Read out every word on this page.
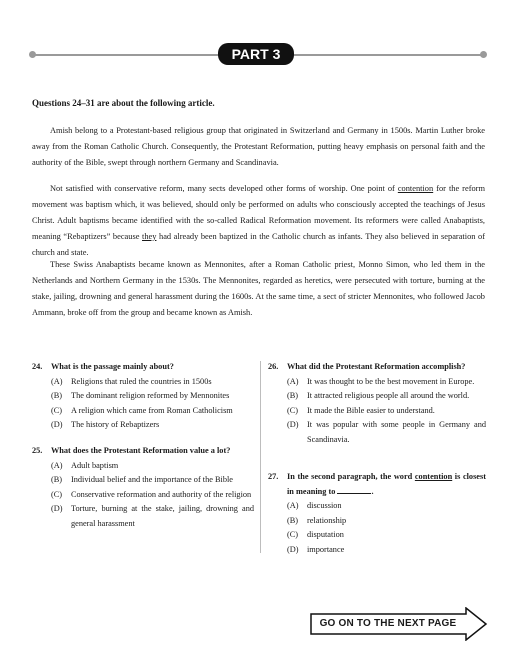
PART 3
Questions 24–31 are about the following article.
Amish belong to a Protestant-based religious group that originated in Switzerland and Germany in 1500s. Martin Luther broke away from the Roman Catholic Church. Consequently, the Protestant Reformation, putting heavy emphasis on personal faith and the authority of the Bible, swept through northern Germany and Scandinavia.
Not satisfied with conservative reform, many sects developed other forms of worship. One point of contention for the reform movement was baptism which, it was believed, should only be performed on adults who consciously accepted the teachings of Jesus Christ. Adult baptisms became identified with the so-called Radical Reformation movement. Its reformers were called Anabaptists, meaning “Rebaptizers” because they had already been baptized in the Catholic church as infants. They also believed in separation of church and state.
These Swiss Anabaptists became known as Mennonites, after a Roman Catholic priest, Monno Simon, who led them in the Netherlands and Northern Germany in the 1530s. The Mennonites, regarded as heretics, were persecuted with torture, burning at the stake, jailing, drowning and general harassment during the 1600s. At the same time, a sect of stricter Mennonites, who followed Jacob Ammann, broke off from the group and became known as Amish.
24.	What is the passage mainly about?
(A)	Religions that ruled the countries in 1500s
(B)	The dominant religion reformed by Mennonites
(C)	A religion which came from Roman Catholicism
(D)	The history of Rebaptizers
25.	What does the Protestant Reformation value a lot?
(A)	Adult baptism
(B)	Individual belief and the importance of the Bible
(C)	Conservative reformation and authority of the religion
(D)	Torture, burning at the stake, jailing, drowning and general harassment
26.	What did the Protestant Reformation accomplish?
(A)	It was thought to be the best movement in Europe.
(B)	It attracted religious people all around the world.
(C)	It made the Bible easier to understand.
(D)	It was popular with some people in Germany and Scandinavia.
27.	In the second paragraph, the word contention is closest in meaning to	.
(A)	discussion
(B)	relationship
(C)	disputation
(D)	importance
GO ON TO THE NEXT PAGE
